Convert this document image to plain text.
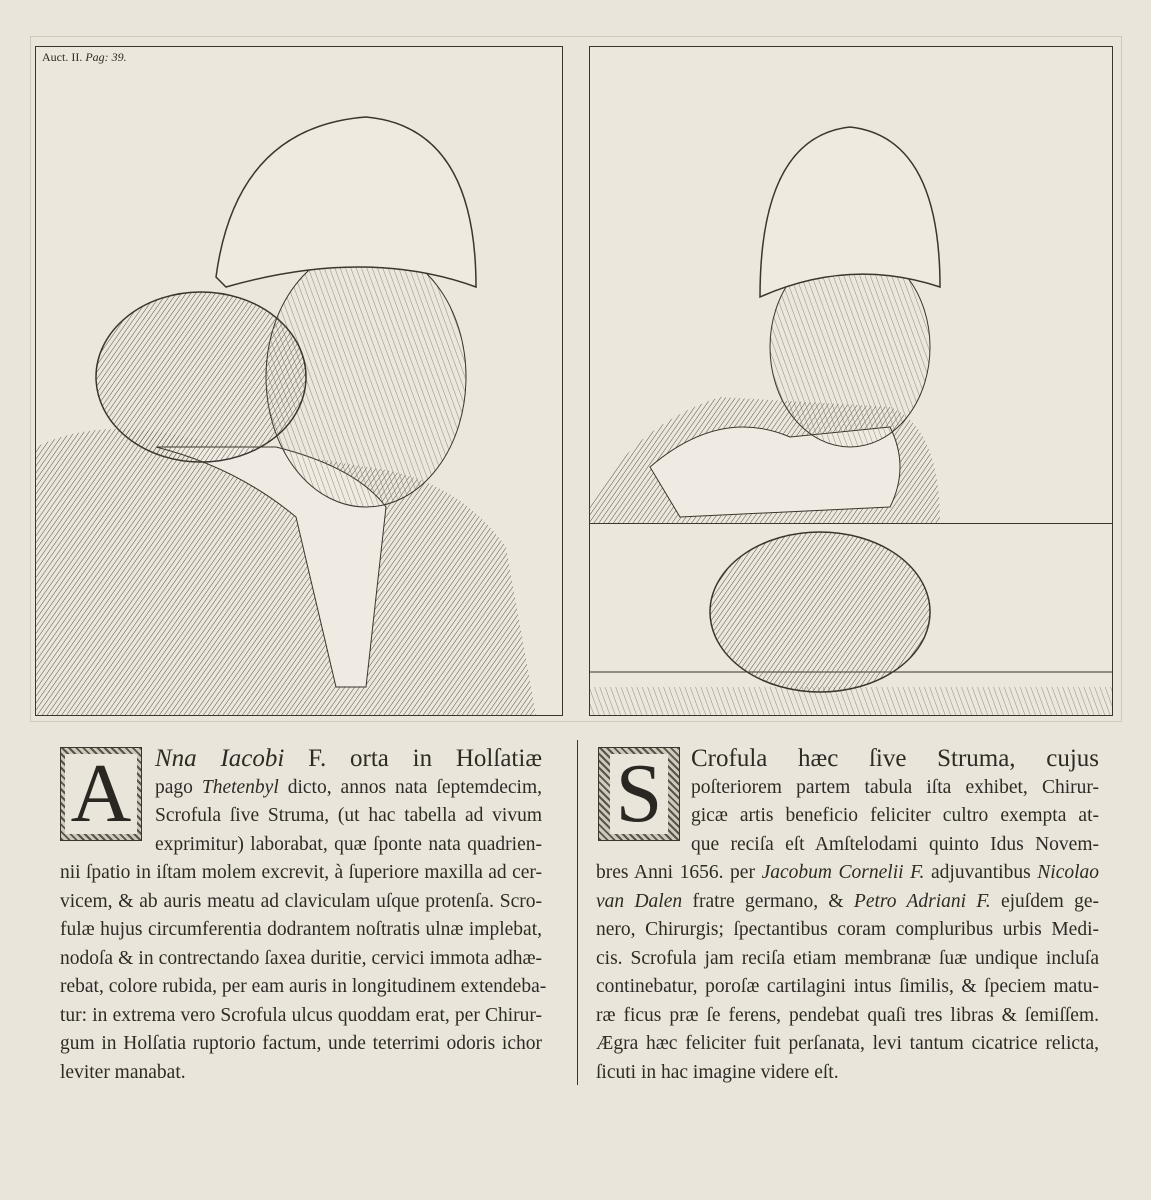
Auct. II. Pag: 39.
A	S
Nna Iacobi F. orta in Holſatiæ
pago Thetenbyl dicto, annos nata ſeptemdecim,
Scrofula ſive Struma, (ut hac tabella ad vivum
exprimitur) laborabat, quæ ſponte nata quadrien-
nii ſpatio in iſtam molem excrevit, à ſuperiore maxilla ad cer-
vicem, & ab auris meatu ad claviculam uſque protenſa. Scro-
fulæ hujus circumferentia dodrantem noſtratis ulnæ implebat,
nodoſa & in contrectando ſaxea duritie, cervici immota adhæ-
rebat, colore rubida, per eam auris in longitudinem extendeba-
tur: in extrema vero Scrofula ulcus quoddam erat, per Chirur-
gum in Holſatia ruptorio factum, unde teterrimi odoris ichor
leviter manabat.
Crofula hæc ſive Struma, cujus
poſteriorem partem tabula iſta exhibet, Chirur-
gicæ artis beneficio feliciter cultro exempta at-
que reciſa eſt Amſtelodami quinto Idus Novem-
bres Anni 1656. per Jacobum Cornelii F. adjuvantibus Nicolao
van Dalen fratre germano, & Petro Adriani F. ejuſdem ge-
nero, Chirurgis; ſpectantibus coram compluribus urbis Medi-
cis. Scrofula jam reciſa etiam membranæ ſuæ undique incluſa
continebatur, poroſæ cartilagini intus ſimilis, & ſpeciem matu-
ræ ficus præ ſe ferens, pendebat quaſi tres libras & ſemiſſem.
Ægra hæc feliciter fuit perſanata, levi tantum cicatrice relicta,
ſicuti in hac imagine videre eſt.
